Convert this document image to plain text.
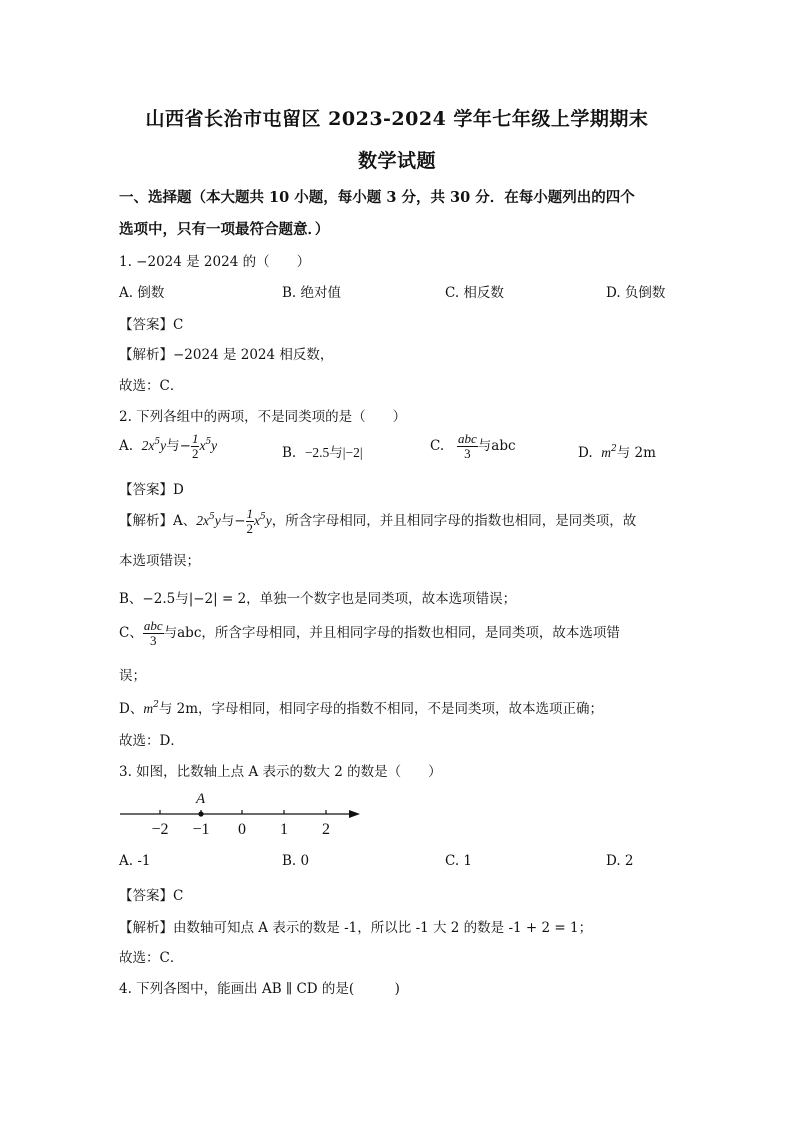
山西省长治市屯留区 2023-2024 学年七年级上学期期末
数学试题
一、选择题（本大题共 10 小题，每小题 3 分，共 30 分．在每小题列出的四个
选项中，只有一项最符合题意．）
1. −2024 是 2024 的（　　）
A. 倒数	B. 绝对值	C. 相反数	D. 负倒数
【答案】C
【解析】−2024 是 2024 相反数，
故选：C．
2. 下列各组中的两项，不是同类项的是（　　）
A. $2x^5y$与− $\frac{1}{2} x^5y$	B. −2.5与|−2|	C. $\frac{\text{abc}}{3}$ 与abc	D. $m^2$与 2m
【答案】D
【解析】A、$2x^5y$与− $\frac{1}{2} x^5y$，所含字母相同，并且相同字母的指数也相同，是同类项，故
本选项错误；
B、−2.5与|−2| = 2，单独一个数字也是同类项，故本选项错误；
C、 $\frac{\text{abc}}{3}$ 与abc，所含字母相同，并且相同字母的指数也相同，是同类项，故本选项错
误；
D、$m^2$与 2m，字母相同，相同字母的指数不相同，不是同类项，故本选项正确；
故选：D．
3. 如图，比数轴上点 A 表示的数大 2 的数是（　　）
A
−2 −1 0 1 2
A. -1	B. 0	C. 1	D. 2
【答案】C
【解析】由数轴可知点 A 表示的数是 -1，所以比 -1 大 2 的数是 -1 + 2 = 1；
故选：C．
4. 下列各图中，能画出 AB ∥ CD 的是(　　　)
